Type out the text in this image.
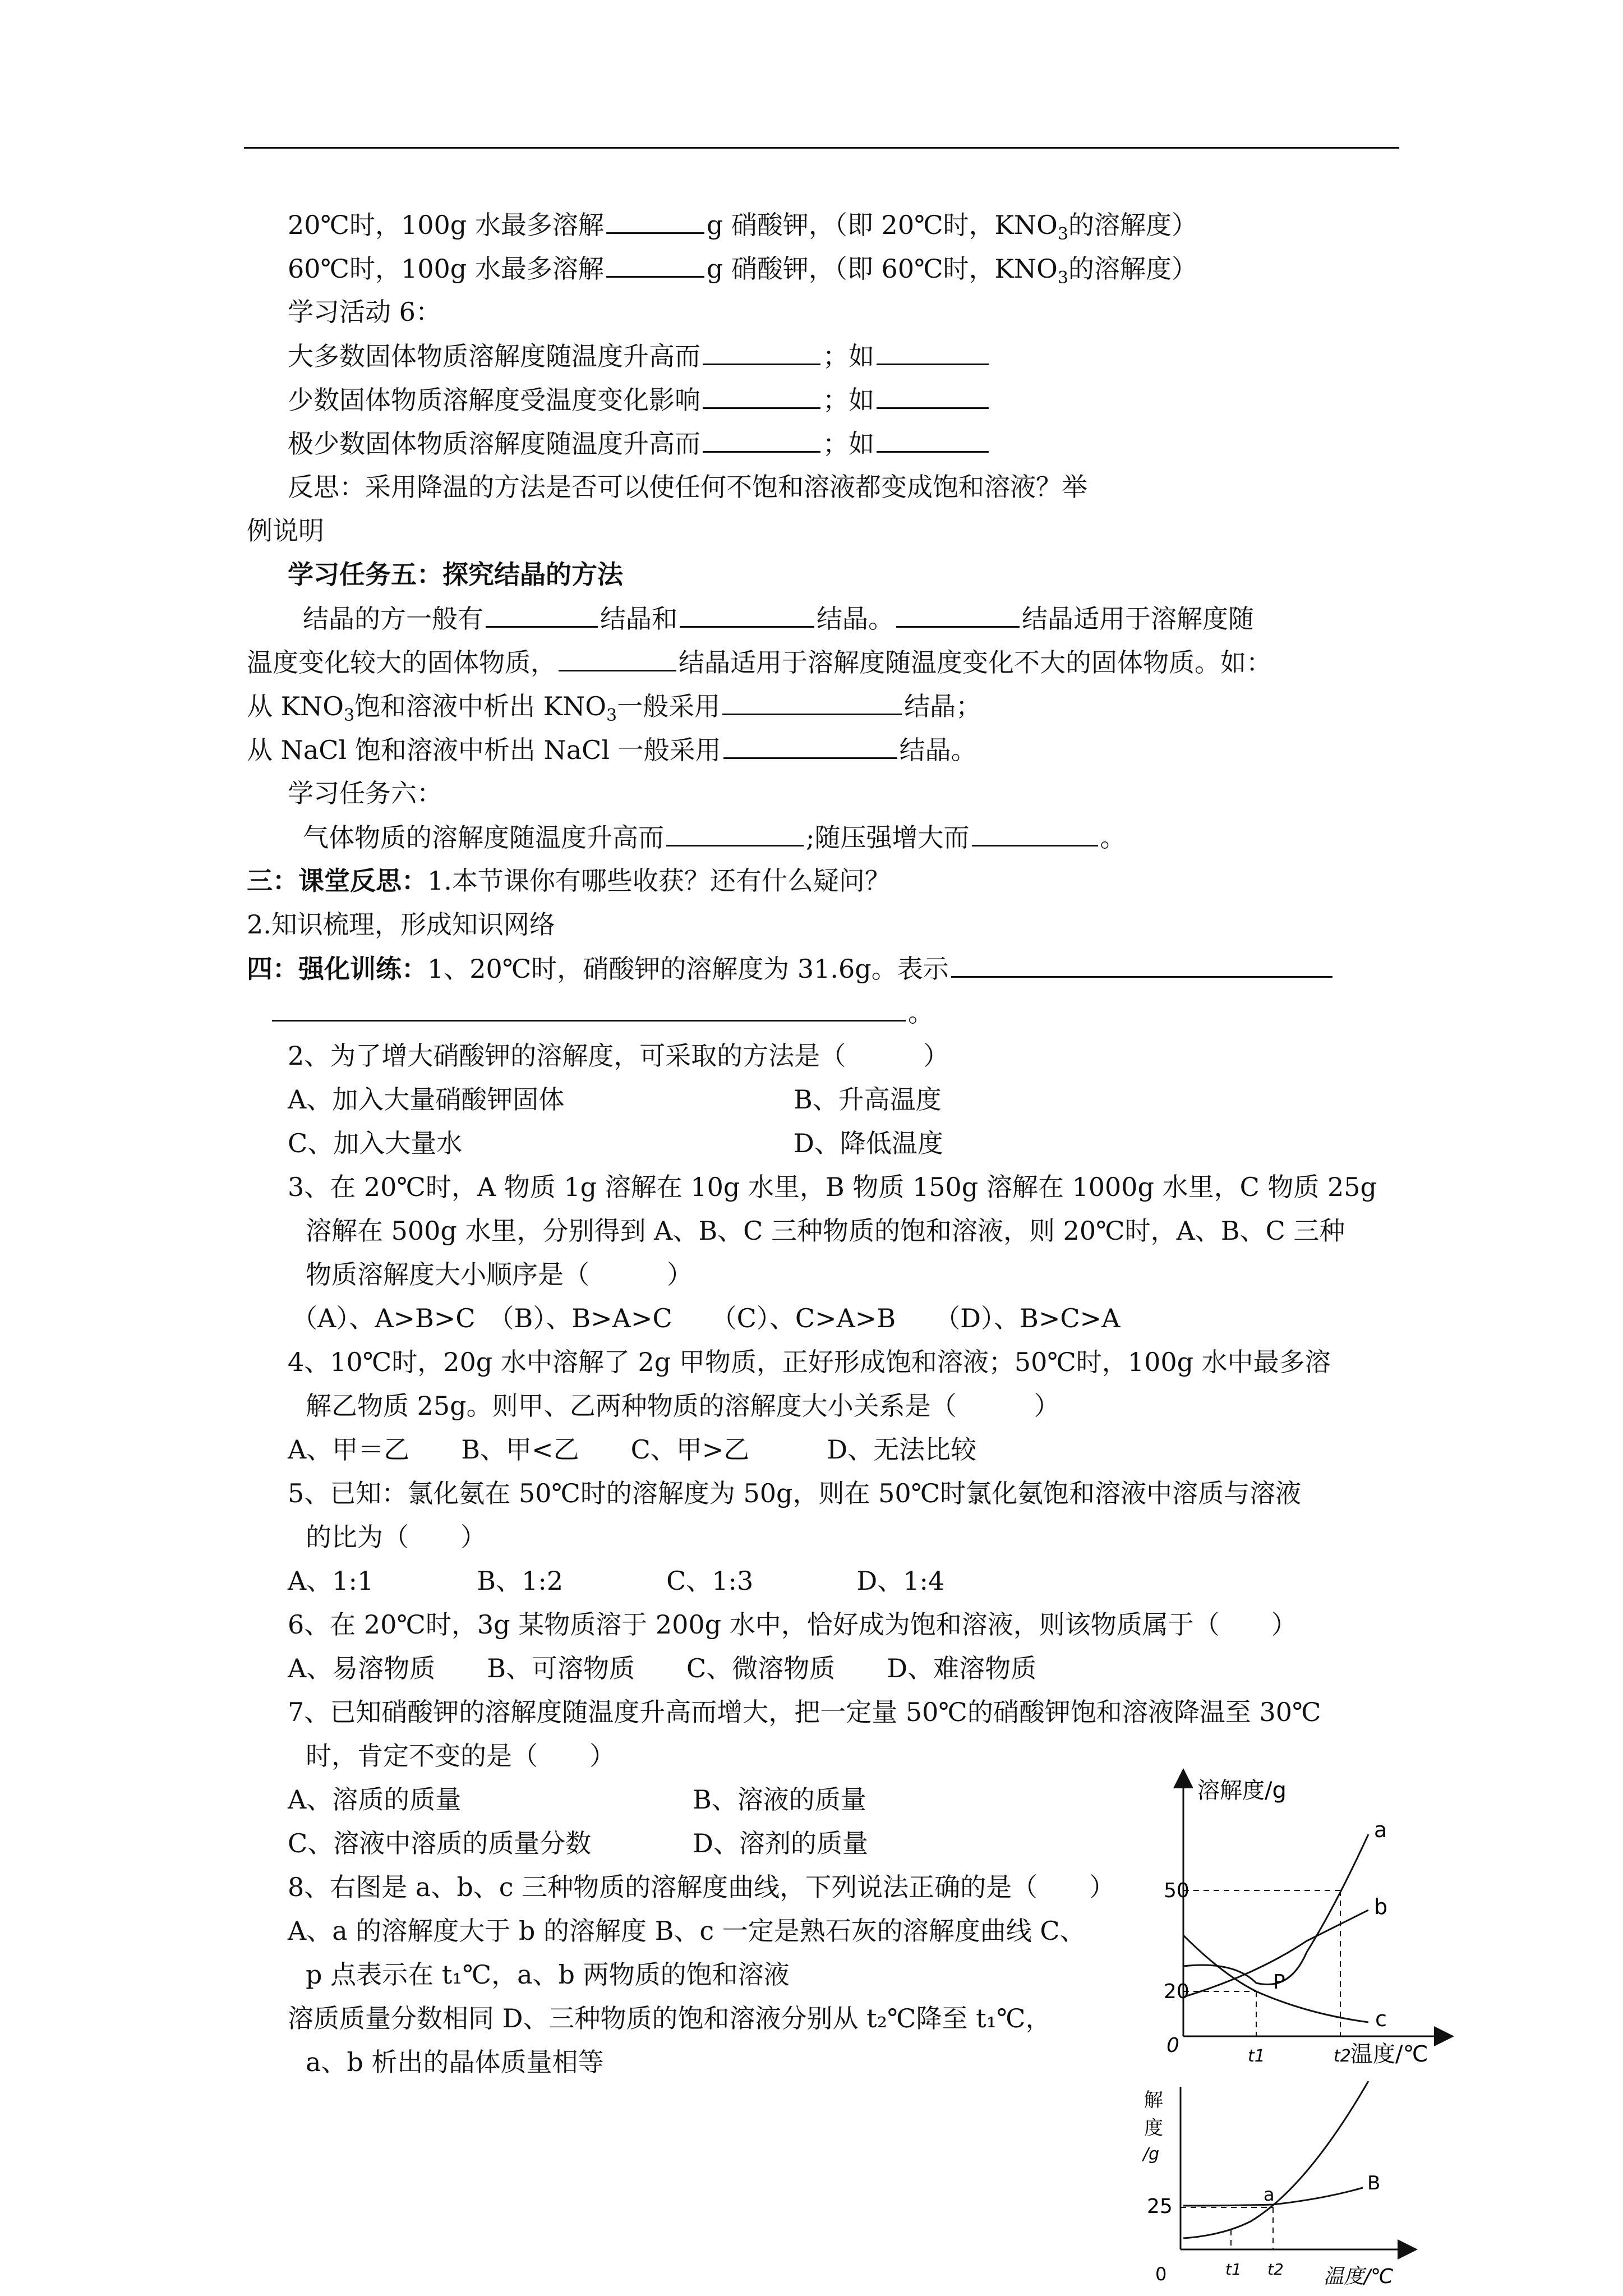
20℃时，100g 水最多溶解	g 硝酸钾，（即 20℃时，$KNO_3$的溶解度）
60℃时，100g 水最多溶解	g 硝酸钾，（即 60℃时，$KNO_3$的溶解度）
学习活动 6：
大多数固体物质溶解度随温度升高而	；如
少数固体物质溶解度受温度变化影响	；如
极少数固体物质溶解度随温度升高而	；如
反思：采用降温的方法是否可以使任何不饱和溶液都变成饱和溶液？举
例说明
学习任务五：探究结晶的方法
结晶的方一般有	结晶和	结晶。	结晶适用于溶解度随
温度变化较大的固体物质，	结晶适用于溶解度随温度变化不大的固体物质。如：
从 $KNO_3$饱和溶液中析出 $KNO_3$一般采用	结晶；
从 NaCl 饱和溶液中析出 NaCl 一般采用	结晶。
学习任务六：
气体物质的溶解度随温度升高而	;随压强增大而	。
三：课堂反思：1.本节课你有哪些收获？还有什么疑问？
2.知识梳理，形成知识网络
四：强化训练：1、20℃时，硝酸钾的溶解度为 31.6g。表示
。
2、为了增大硝酸钾的溶解度，可采取的方法是（　　　）
A、加入大量硝酸钾固体	B、升高温度
C、加入大量水	D、降低温度
3、在 20℃时，A 物质 1g 溶解在 10g 水里，B 物质 150g 溶解在 1000g 水里，C 物质 25g
溶解在 500g 水里，分别得到 A、B、C 三种物质的饱和溶液，则 20℃时，A、B、C 三种
物质溶解度大小顺序是（　　　）
（A）、A>B>C　（B）、B>A>C　　（C）、C>A>B　　（D）、B>C>A
4、10℃时，20g 水中溶解了 2g 甲物质，正好形成饱和溶液；50℃时，100g 水中最多溶
解乙物质 25g。则甲、乙两种物质的溶解度大小关系是（　　　）
A、甲＝乙　　B、甲<乙　　C、甲>乙　　　D、无法比较
5、已知：氯化氨在 50℃时的溶解度为 50g，则在 50℃时氯化氨饱和溶液中溶质与溶液
的比为（　　）
A、1:1　　　　B、1:2　　　　C、1:3　　　　D、1:4
6、在 20℃时，3g 某物质溶于 200g 水中，恰好成为饱和溶液，则该物质属于（　　）
A、易溶物质　　B、可溶物质　　C、微溶物质　　D、难溶物质
7、已知硝酸钾的溶解度随温度升高而增大，把一定量 50℃的硝酸钾饱和溶液降温至 30℃
时，肯定不变的是（　　）
A、溶质的质量	B、溶液的质量
C、溶液中溶质的质量分数	D、溶剂的质量
8、右图是 a、b、c 三种物质的溶解度曲线，下列说法正确的是（　　）
A、a 的溶解度大于 b 的溶解度 B、c 一定是熟石灰的溶解度曲线 C、
p 点表示在 t₁℃，a、b 两物质的饱和溶液
溶质质量分数相同 D、三种物质的饱和溶液分别从 t₂℃降至 t₁℃，
a、b 析出的晶体质量相等
溶解度/g
50
20
0
a
b
c
P
t1	t2 温度/℃
解
度
/g
25
0
a	B
t1 t2 温度/℃
